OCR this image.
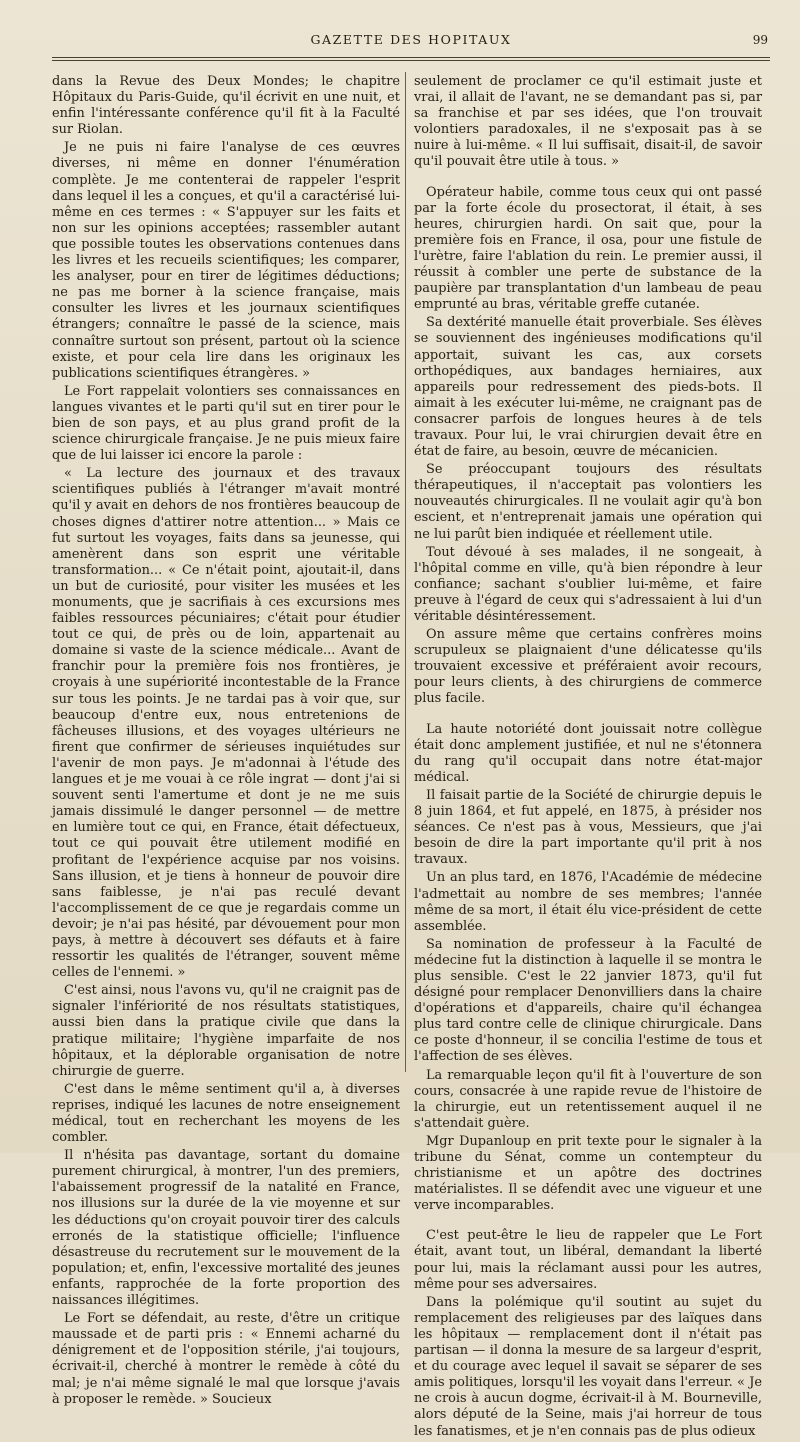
GAZETTE DES HOPITAUX	99

dans la Revue des Deux Mondes; le chapitre Hôpitaux du Paris-Guide, qu'il écrivit en une nuit, et enfin l'intéressante conférence qu'il fit à la Faculté sur Riolan.

Je ne puis ni faire l'analyse de ces œuvres diverses, ni même en donner l'énumération complète. Je me contenterai de rappeler l'esprit dans lequel il les a conçues, et qu'il a caractérisé lui-même en ces termes : « S'appuyer sur les faits et non sur les opinions acceptées; rassembler autant que possible toutes les observations contenues dans les livres et les recueils scientifiques; les comparer, les analyser, pour en tirer de légitimes déductions; ne pas me borner à la science française, mais consulter les livres et les journaux scientifiques étrangers; connaître le passé de la science, mais connaître surtout son présent, partout où la science existe, et pour cela lire dans les originaux les publications scientifiques étrangères. »

Le Fort rappelait volontiers ses connaissances en langues vivantes et le parti qu'il sut en tirer pour le bien de son pays, et au plus grand profit de la science chirurgicale française. Je ne puis mieux faire que de lui laisser ici encore la parole :

« La lecture des journaux et des travaux scientifiques publiés à l'étranger m'avait montré qu'il y avait en dehors de nos frontières beaucoup de choses dignes d'attirer notre attention... » Mais ce fut surtout les voyages, faits dans sa jeunesse, qui amenèrent dans son esprit une véritable transformation... « Ce n'était point, ajoutait-il, dans un but de curiosité, pour visiter les musées et les monuments, que je sacrifiais à ces excursions mes faibles ressources pécuniaires; c'était pour étudier tout ce qui, de près ou de loin, appartenait au domaine si vaste de la science médicale... Avant de franchir pour la première fois nos frontières, je croyais à une supériorité incontestable de la France sur tous les points. Je ne tardai pas à voir que, sur beaucoup d'entre eux, nous entretenions de fâcheuses illusions, et des voyages ultérieurs ne firent que confirmer de sérieuses inquiétudes sur l'avenir de mon pays. Je m'adonnai à l'étude des langues et je me vouai à ce rôle ingrat — dont j'ai si souvent senti l'amertume et dont je ne me suis jamais dissimulé le danger personnel — de mettre en lumière tout ce qui, en France, était défectueux, tout ce qui pouvait être utilement modifié en profitant de l'expérience acquise par nos voisins. Sans illusion, et je tiens à honneur de pouvoir dire sans faiblesse, je n'ai pas reculé devant l'accomplissement de ce que je regardais comme un devoir; je n'ai pas hésité, par dévouement pour mon pays, à mettre à découvert ses défauts et à faire ressortir les qualités de l'étranger, souvent même celles de l'ennemi. »

C'est ainsi, nous l'avons vu, qu'il ne craignit pas de signaler l'infériorité de nos résultats statistiques, aussi bien dans la pratique civile que dans la pratique militaire; l'hygiène imparfaite de nos hôpitaux, et la déplorable organisation de notre chirurgie de guerre.

C'est dans le même sentiment qu'il a, à diverses reprises, indiqué les lacunes de notre enseignement médical, tout en recherchant les moyens de les combler.

Il n'hésita pas davantage, sortant du domaine purement chirurgical, à montrer, l'un des premiers, l'abaissement progressif de la natalité en France, nos illusions sur la durée de la vie moyenne et sur les déductions qu'on croyait pouvoir tirer des calculs erronés de la statistique officielle; l'influence désastreuse du recrutement sur le mouvement de la population; et, enfin, l'excessive mortalité des jeunes enfants, rapprochée de la forte proportion des naissances illégitimes.

Le Fort se défendait, au reste, d'être un critique maussade et de parti pris : « Ennemi acharné du dénigrement et de l'opposition stérile, j'ai toujours, écrivait-il, cherché à montrer le remède à côté du mal; je n'ai même signalé le mal que lorsque j'avais à proposer le remède. » Soucieux

seulement de proclamer ce qu'il estimait juste et vrai, il allait de l'avant, ne se demandant pas si, par sa franchise et par ses idées, que l'on trouvait volontiers paradoxales, il ne s'exposait pas à se nuire à lui-même. « Il lui suffisait, disait-il, de savoir qu'il pouvait être utile à tous. »

Opérateur habile, comme tous ceux qui ont passé par la forte école du prosectorat, il était, à ses heures, chirurgien hardi. On sait que, pour la première fois en France, il osa, pour une fistule de l'urètre, faire l'ablation du rein. Le premier aussi, il réussit à combler une perte de substance de la paupière par transplantation d'un lambeau de peau emprunté au bras, véritable greffe cutanée.

Sa dextérité manuelle était proverbiale. Ses élèves se souviennent des ingénieuses modifications qu'il apportait, suivant les cas, aux corsets orthopédiques, aux bandages herniaires, aux appareils pour redressement des pieds-bots. Il aimait à les exécuter lui-même, ne craignant pas de consacrer parfois de longues heures à de tels travaux. Pour lui, le vrai chirurgien devait être en état de faire, au besoin, œuvre de mécanicien.

Se préoccupant toujours des résultats thérapeutiques, il n'acceptait pas volontiers les nouveautés chirurgicales. Il ne voulait agir qu'à bon escient, et n'entreprenait jamais une opération qui ne lui parût bien indiquée et réellement utile.

Tout dévoué à ses malades, il ne songeait, à l'hôpital comme en ville, qu'à bien répondre à leur confiance; sachant s'oublier lui-même, et faire preuve à l'égard de ceux qui s'adressaient à lui d'un véritable désintéressement.

On assure même que certains confrères moins scrupuleux se plaignaient d'une délicatesse qu'ils trouvaient excessive et préféraient avoir recours, pour leurs clients, à des chirurgiens de commerce plus facile.

La haute notoriété dont jouissait notre collègue était donc amplement justifiée, et nul ne s'étonnera du rang qu'il occupait dans notre état-major médical.

Il faisait partie de la Société de chirurgie depuis le 8 juin 1864, et fut appelé, en 1875, à présider nos séances. Ce n'est pas à vous, Messieurs, que j'ai besoin de dire la part importante qu'il prit à nos travaux.

Un an plus tard, en 1876, l'Académie de médecine l'admettait au nombre de ses membres; l'année même de sa mort, il était élu vice-président de cette assemblée.

Sa nomination de professeur à la Faculté de médecine fut la distinction à laquelle il se montra le plus sensible. C'est le 22 janvier 1873, qu'il fut désigné pour remplacer Denonvilliers dans la chaire d'opérations et d'appareils, chaire qu'il échangea plus tard contre celle de clinique chirurgicale. Dans ce poste d'honneur, il se concilia l'estime de tous et l'affection de ses élèves.

La remarquable leçon qu'il fit à l'ouverture de son cours, consacrée à une rapide revue de l'histoire de la chirurgie, eut un retentissement auquel il ne s'attendait guère.

Mgr Dupanloup en prit texte pour le signaler à la tribune du Sénat, comme un contempteur du christianisme et un apôtre des doctrines matérialistes. Il se défendit avec une vigueur et une verve incomparables.

C'est peut-être le lieu de rappeler que Le Fort était, avant tout, un libéral, demandant la liberté pour lui, mais la réclamant aussi pour les autres, même pour ses adversaires.

Dans la polémique qu'il soutint au sujet du remplacement des religieuses par des laïques dans les hôpitaux — remplacement dont il n'était pas partisan — il donna la mesure de sa largeur d'esprit, et du courage avec lequel il savait se séparer de ses amis politiques, lorsqu'il les voyait dans l'erreur. « Je ne crois à aucun dogme, écrivait-il à M. Bourneville, alors député de la Seine, mais j'ai horreur de tous les fanatismes, et je n'en connais pas de plus odieux
